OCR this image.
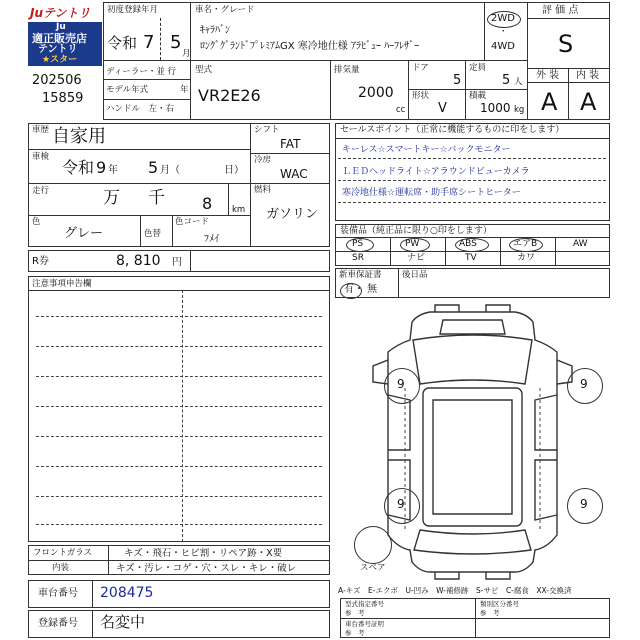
Juテントリ
Ju
適正販売店
テントリ
★スター
202506
15859
初度登録年月
令和 7 5
月
車名・グレード
ｷｬﾗﾊﾞﾝ
ﾛﾝｸﾞｸﾞﾗﾝﾄﾞﾌﾟﾚﾐｱﾑGX 寒冷地仕様 ｱﾗﾋﾞｭｰ ﾊｰﾌﾚｻﾞｰ
2WD
・
4WD
ディーラー・並 行
モデル年式	年
ハンドル　左・右
型式
VR2E26
排気量
2000
cc
ドア
5
形状
V
定員
5 人
積載
1000 kg
評 価 点
S
外 装 内 装
A A
車歴 自家用
車検
令和 9 年 5 月（	日）
走行	万 千 8 km
色
グレー	色替
色コード
ﾌﾒｲ
シフト
FAT
冷房
WAC
燃料
ガソリン
R券	8, 810 円
注意事項申告欄
セールスポイント（正常に機能するものに印をします）
キーレス☆スマートキー☆バックモニター
ＬＥＤヘッドライト☆アラウンドビューカメラ
寒冷地仕様☆運転席・助手席シートヒーター
装備品（純正品に限り○印をします）
PS	PW	ABS	エアB	AW
SR	ナビ	TV	カワ
新車保証書
有・ 無
後日品
9	9
9	9
スペア
フロントガラス	キズ・飛石・ヒビ割・リペア跡・X要
内装	キズ・汚レ・コゲ・穴・スレ・キレ・破レ
車台番号 208475
登録番号 名変中
A-キズ　E-エクボ　U-凹み　W-補修跡　S-サビ　C-腐食　XX-交換済
型式指定番号	類別区分番号
参　考	参　考
車台番号証明
参　考
